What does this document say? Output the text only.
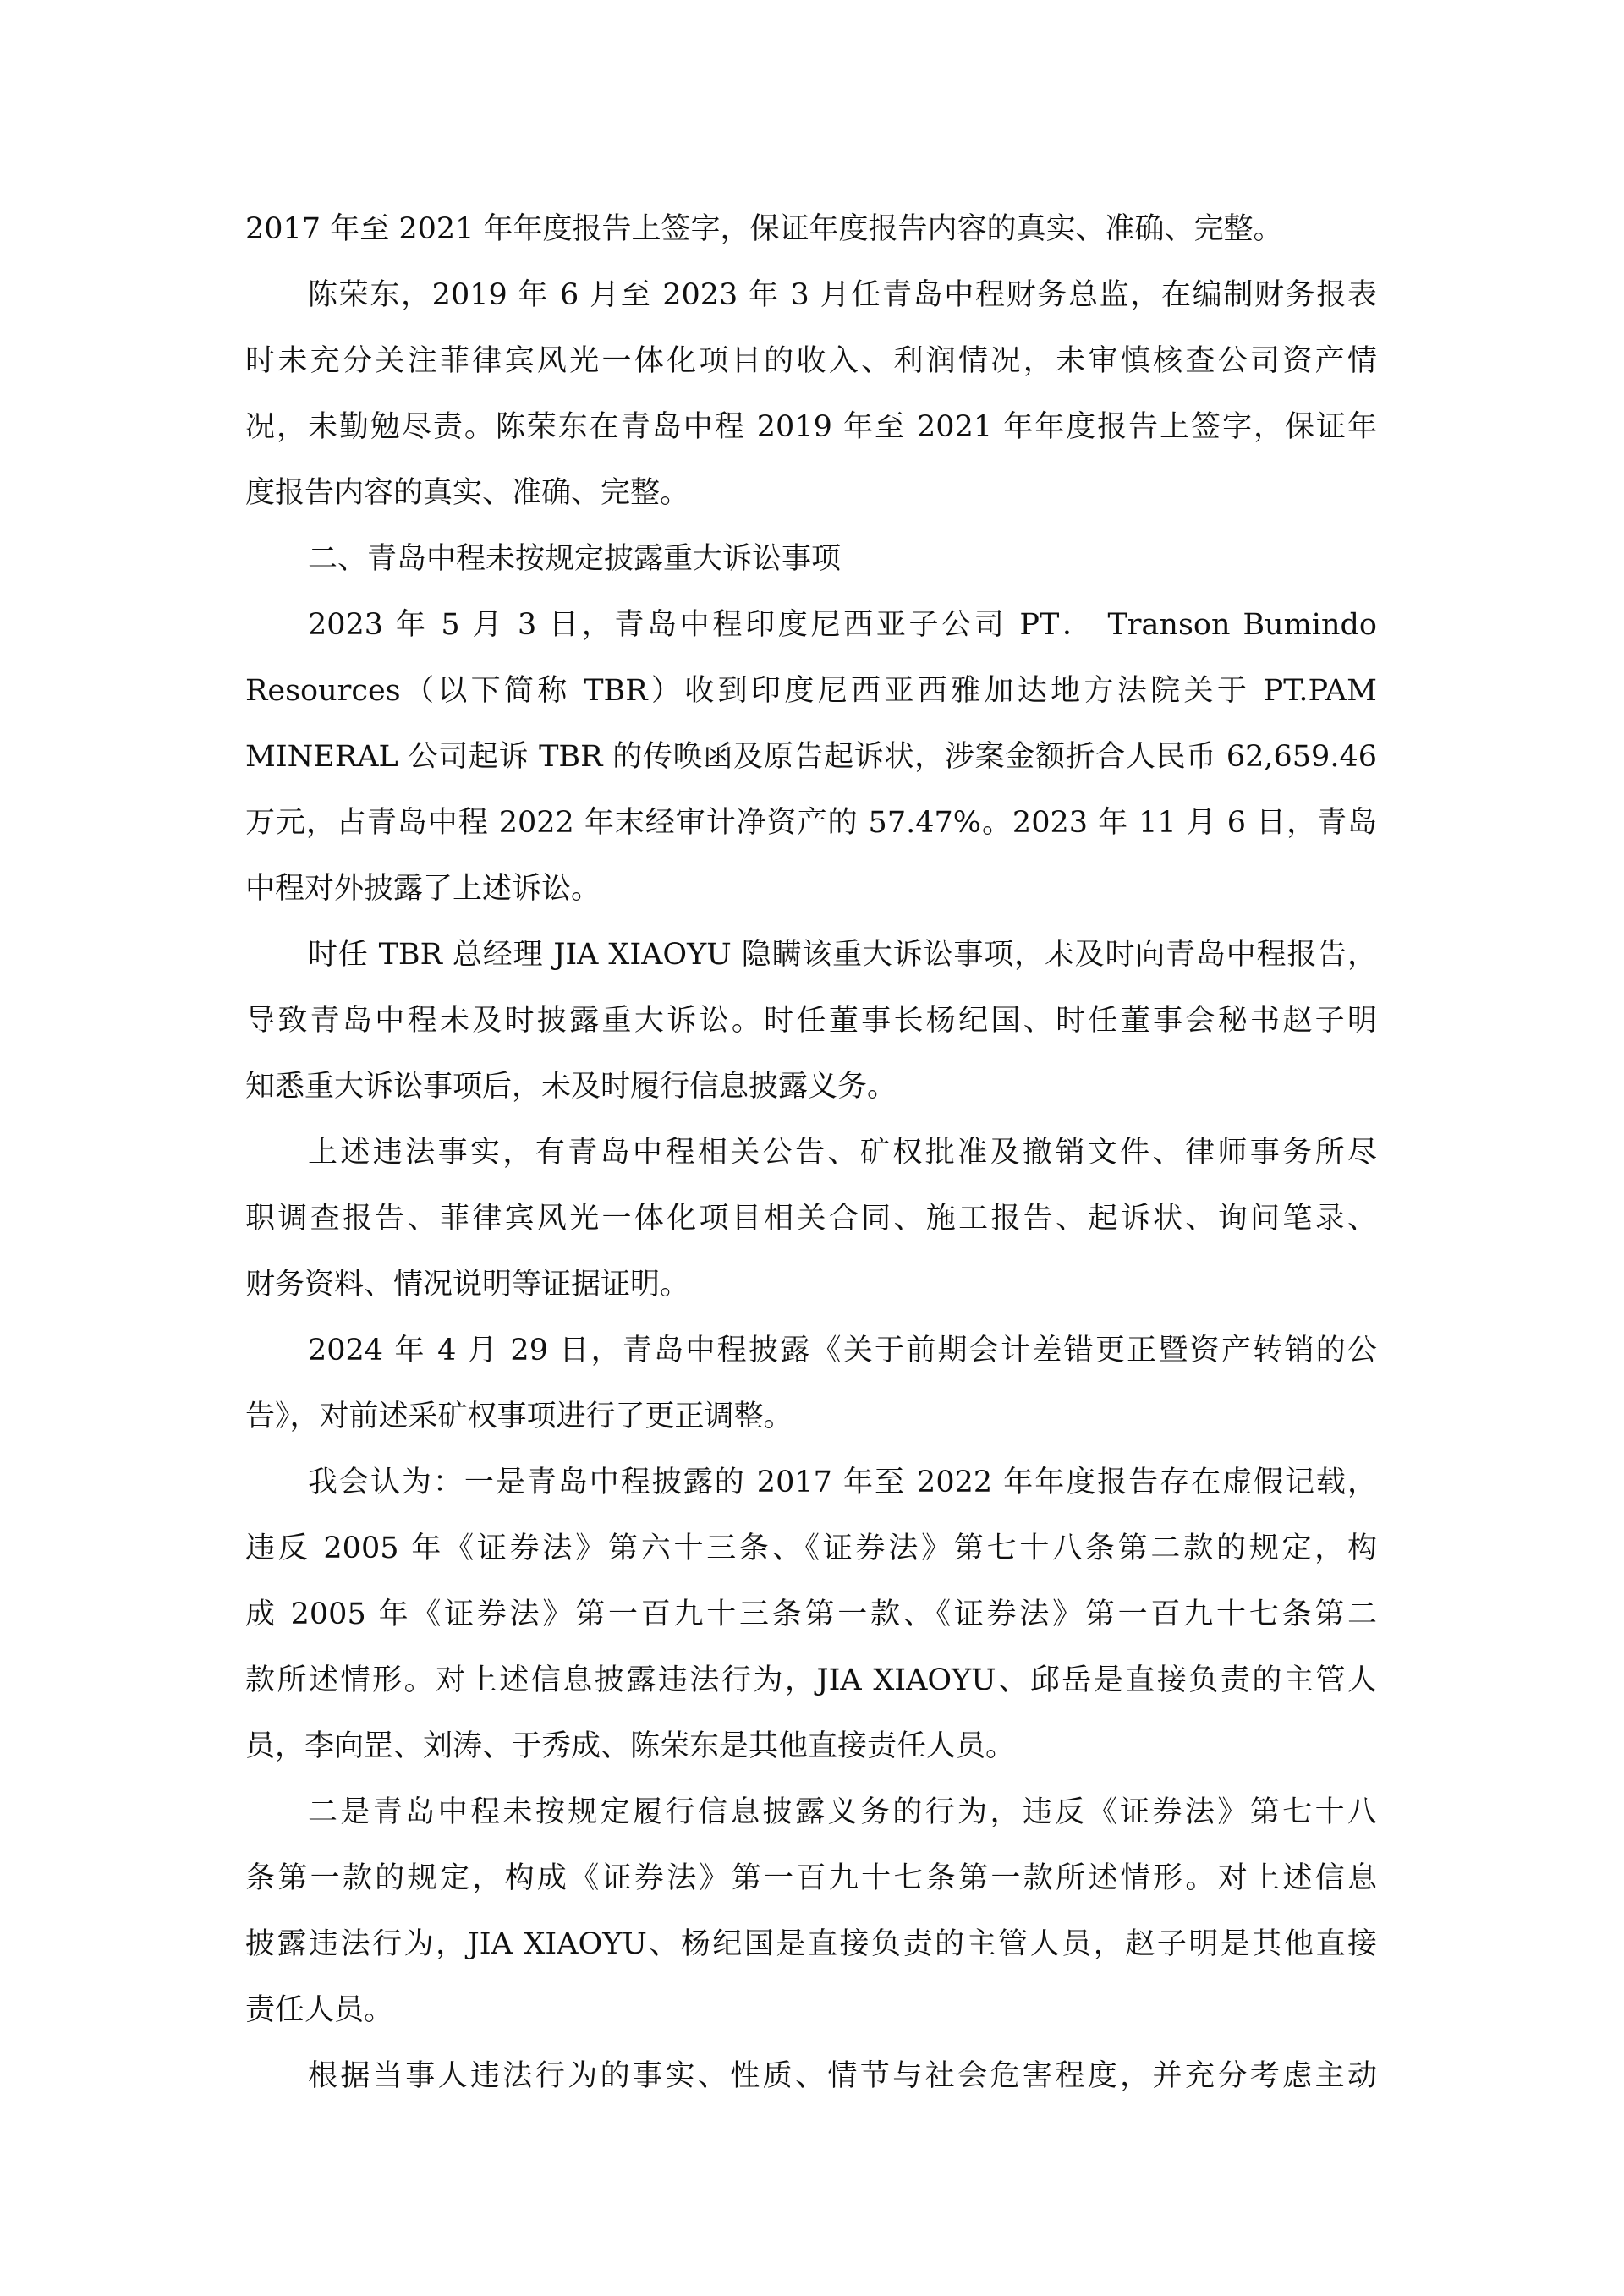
2017 年至 2021 年年度报告上签字，保证年度报告内容的真实、准确、完整。
陈荣东，2019 年 6 月至 2023 年 3 月任青岛中程财务总监，在编制财务报表
时未充分关注菲律宾风光一体化项目的收入、利润情况，未审慎核查公司资产情
况，未勤勉尽责。陈荣东在青岛中程 2019 年至 2021 年年度报告上签字，保证年
度报告内容的真实、准确、完整。
二、青岛中程未按规定披露重大诉讼事项
2023 年 5 月 3 日，青岛中程印度尼西亚子公司 PT． Transon Bumindo
Resources（以下简称 TBR）收到印度尼西亚西雅加达地方法院关于 PT.PAM
MINERAL 公司起诉 TBR 的传唤函及原告起诉状，涉案金额折合人民币 62,659.46
万元，占青岛中程 2022 年末经审计净资产的 57.47%。2023 年 11 月 6 日，青岛
中程对外披露了上述诉讼。
时任 TBR 总经理 JIA XIAOYU 隐瞒该重大诉讼事项，未及时向青岛中程报告，
导致青岛中程未及时披露重大诉讼。时任董事长杨纪国、时任董事会秘书赵子明
知悉重大诉讼事项后，未及时履行信息披露义务。
上述违法事实，有青岛中程相关公告、矿权批准及撤销文件、律师事务所尽
职调查报告、菲律宾风光一体化项目相关合同、施工报告、起诉状、询问笔录、
财务资料、情况说明等证据证明。
2024 年 4 月 29 日，青岛中程披露《关于前期会计差错更正暨资产转销的公
告》，对前述采矿权事项进行了更正调整。
我会认为：一是青岛中程披露的 2017 年至 2022 年年度报告存在虚假记载，
违反 2005 年《证券法》第六十三条、《证券法》第七十八条第二款的规定，构
成 2005 年《证券法》第一百九十三条第一款、《证券法》第一百九十七条第二
款所述情形。对上述信息披露违法行为，JIA XIAOYU、邱岳是直接负责的主管人
员，李向罡、刘涛、于秀成、陈荣东是其他直接责任人员。
二是青岛中程未按规定履行信息披露义务的行为，违反《证券法》第七十八
条第一款的规定，构成《证券法》第一百九十七条第一款所述情形。对上述信息
披露违法行为，JIA XIAOYU、杨纪国是直接负责的主管人员，赵子明是其他直接
责任人员。
根据当事人违法行为的事实、性质、情节与社会危害程度，并充分考虑主动
